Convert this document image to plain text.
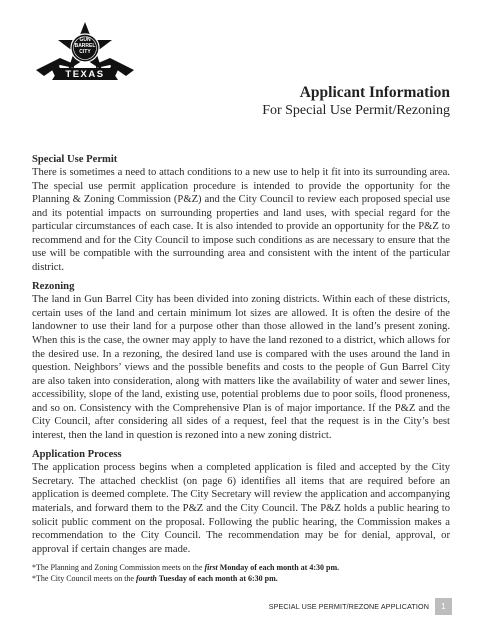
GUN
BARREL
CITY
TEXAS
Applicant Information
For Special Use Permit/Rezoning

Special Use Permit

There is sometimes a need to attach conditions to a new use to help it fit into its surrounding area. The special use permit application procedure is intended to provide the opportunity for the Planning & Zoning Commission (P&Z) and the City Council to review each proposed special use and its potential impacts on surrounding properties and land uses, with special regard for the particular circumstances of each case. It is also intended to provide an opportunity for the P&Z to recommend and for the City Council to impose such conditions as are necessary to ensure that the use will be compatible with the surrounding area and consistent with the intent of the particular district.

Rezoning

The land in Gun Barrel City has been divided into zoning districts. Within each of these districts, certain uses of the land and certain minimum lot sizes are allowed. It is often the desire of the landowner to use their land for a purpose other than those allowed in the land’s present zoning. When this is the case, the owner may apply to have the land rezoned to a district, which allows for the desired use. In a rezoning, the desired land use is compared with the uses around the land in question. Neighbors’ views and the possible benefits and costs to the people of Gun Barrel City are also taken into consideration, along with matters like the availability of water and sewer lines, accessibility, slope of the land, existing use, potential problems due to poor soils, flood proneness, and so on. Consistency with the Comprehensive Plan is of major importance. If the P&Z and the City Council, after considering all sides of a request, feel that the request is in the City’s best interest, then the land in question is rezoned into a new zoning district.

Application Process

The application process begins when a completed application is filed and accepted by the City Secretary. The attached checklist (on page 6) identifies all items that are required before an application is deemed complete. The City Secretary will review the application and accompanying materials, and forward them to the P&Z and the City Council. The P&Z holds a public hearing to solicit public comment on the proposal. Following the public hearing, the Commission makes a recommendation to the City Council. The recommendation may be for denial, approval, or approval if certain changes are made.

*The Planning and Zoning Commission meets on the first Monday of each month at 4:30 pm.
*The City Council meets on the fourth Tuesday of each month at 6:30 pm.
SPECIAL USE PERMIT/REZONE APPLICATION	1
